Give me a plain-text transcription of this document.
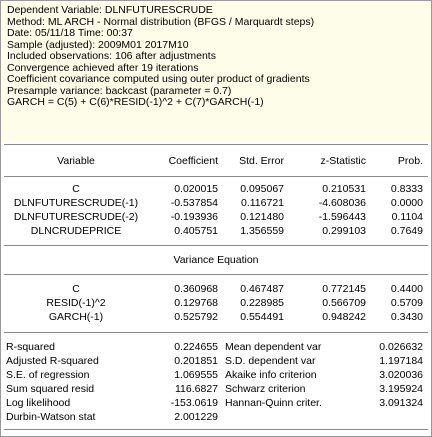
Dependent Variable: DLNFUTURESCRUDE
Method: ML ARCH - Normal distribution (BFGS / Marquardt steps)
Date: 05/11/18 Time: 00:37
Sample (adjusted): 2009M01 2017M10
Included observations: 106 after adjustments
Convergence achieved after 19 iterations
Coefficient covariance computed using outer product of gradients
Presample variance: backcast (parameter = 0.7)
GARCH = C(5) + C(6)*RESID(-1)^2 + C(7)*GARCH(-1)
Variable	Coefficient	Std. Error	z-Statistic	Prob.
C	0.020015	0.095067	0.210531	0.8333
DLNFUTURESCRUDE(-1)	-0.537854	0.116721	-4.608036	0.0000
DLNFUTURESCRUDE(-2)	-0.193936	0.121480	-1.596443	0.1104
DLNCRUDEPRICE	0.405751	1.356559	0.299103	0.7649
Variance Equation
C	0.360968	0.467487	0.772145	0.4400
RESID(-1)^2	0.129768	0.228985	0.566709	0.5709
GARCH(-1)	0.525792	0.554491	0.948242	0.3430
R-squared	0.224655 Mean dependent var	0.026632
Adjusted R-squared	0.201851 S.D. dependent var	1.197184
S.E. of regression	1.069555 Akaike info criterion	3.020036
Sum squared resid	116.6827 Schwarz criterion	3.195924
Log likelihood	-153.0619 Hannan-Quinn criter.	3.091324
Durbin-Watson stat	2.001229
